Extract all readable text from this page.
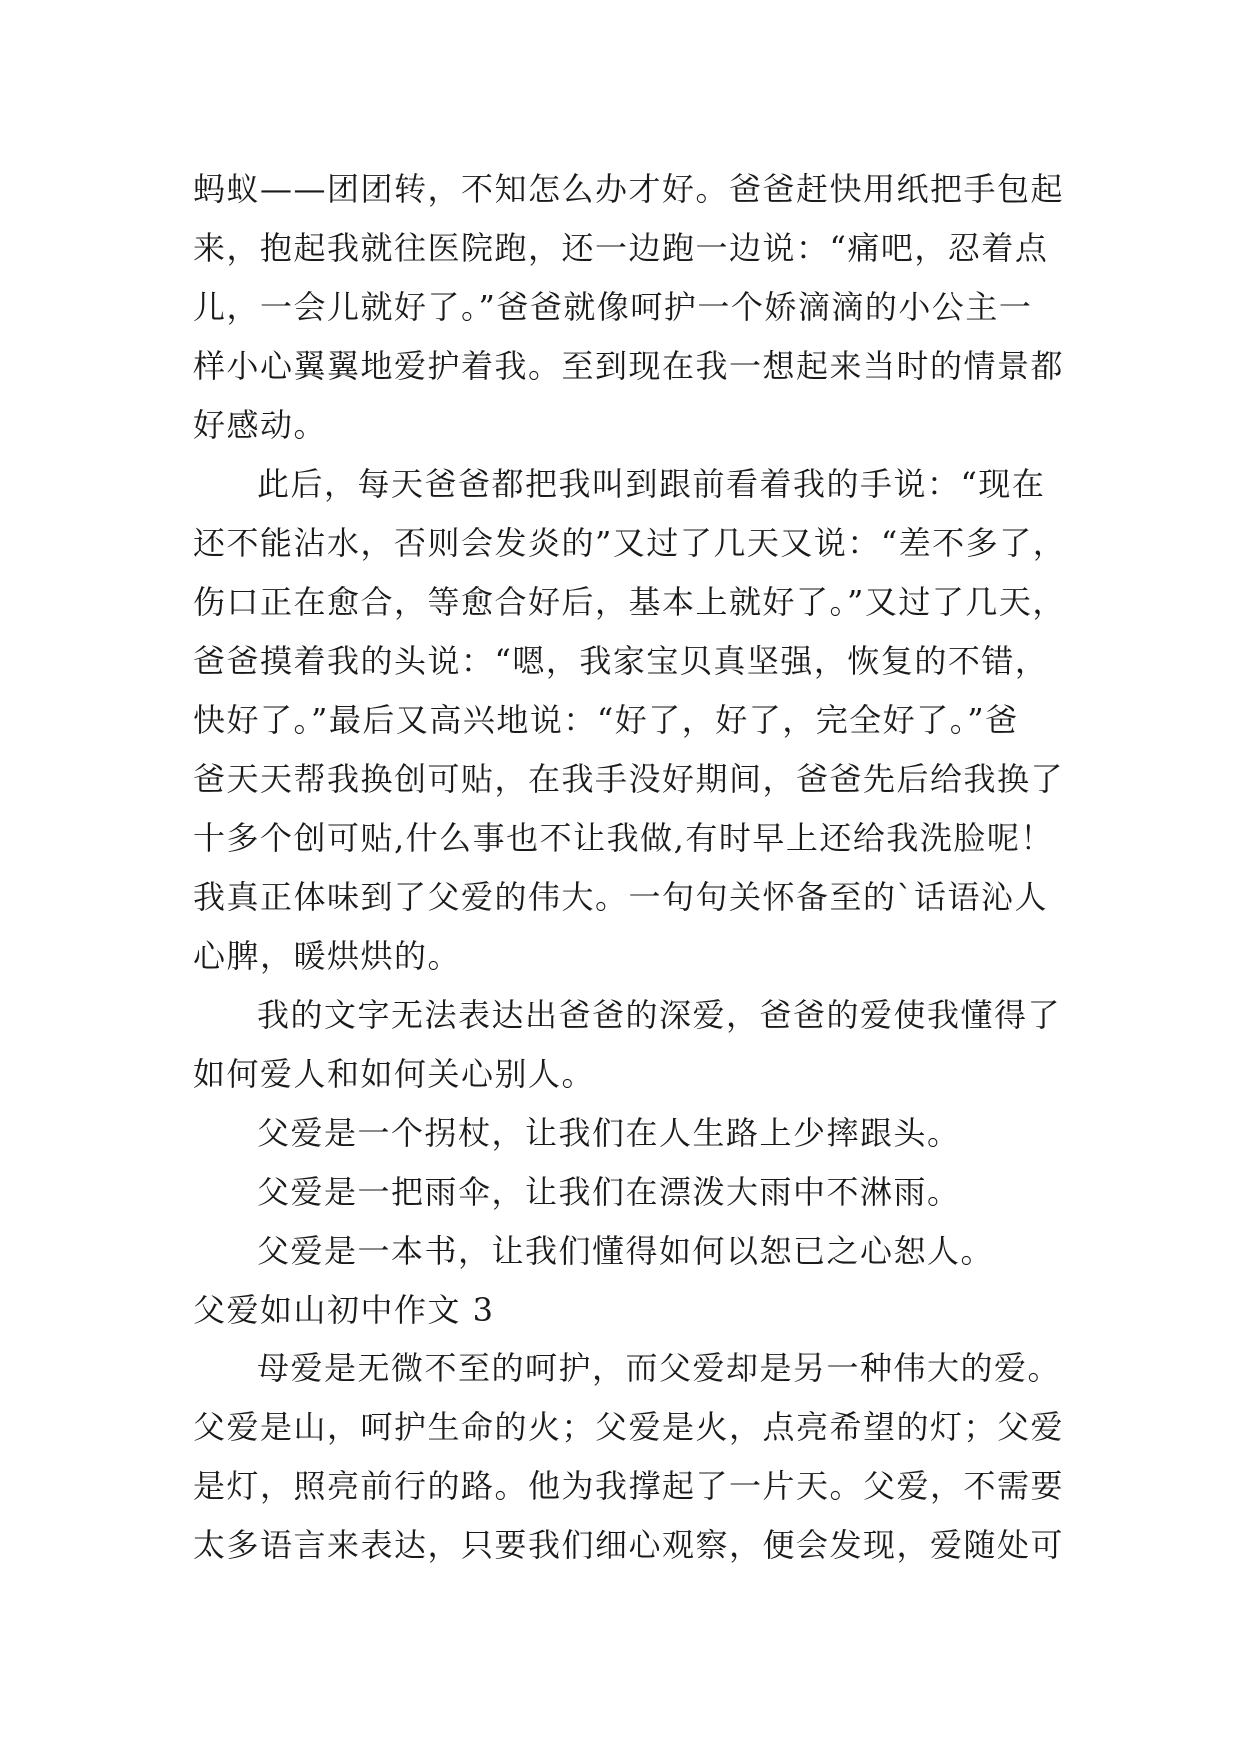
蚂蚁——团团转，不知怎么办才好。爸爸赶快用纸把手包起
来，抱起我就往医院跑，还一边跑一边说：“痛吧，忍着点
儿，一会儿就好了。”爸爸就像呵护一个娇滴滴的小公主一
样小心翼翼地爱护着我。至到现在我一想起来当时的情景都
好感动。
此后，每天爸爸都把我叫到跟前看着我的手说：“现在
还不能沾水，否则会发炎的”又过了几天又说：“差不多了，
伤口正在愈合，等愈合好后，基本上就好了。”又过了几天，
爸爸摸着我的头说：“嗯，我家宝贝真坚强，恢复的不错，
快好了。”最后又高兴地说：“好了，好了，完全好了。”爸
爸天天帮我换创可贴，在我手没好期间，爸爸先后给我换了
十多个创可贴,什么事也不让我做,有时早上还给我洗脸呢！
我真正体味到了父爱的伟大。一句句关怀备至的`话语沁人
心脾，暖烘烘的。
我的文字无法表达出爸爸的深爱，爸爸的爱使我懂得了
如何爱人和如何关心别人。
父爱是一个拐杖，让我们在人生路上少摔跟头。
父爱是一把雨伞，让我们在漂泼大雨中不淋雨。
父爱是一本书，让我们懂得如何以恕已之心恕人。
父爱如山初中作文 3
母爱是无微不至的呵护，而父爱却是另一种伟大的爱。
父爱是山，呵护生命的火；父爱是火，点亮希望的灯；父爱
是灯，照亮前行的路。他为我撑起了一片天。父爱，不需要
太多语言来表达，只要我们细心观察，便会发现，爱随处可
